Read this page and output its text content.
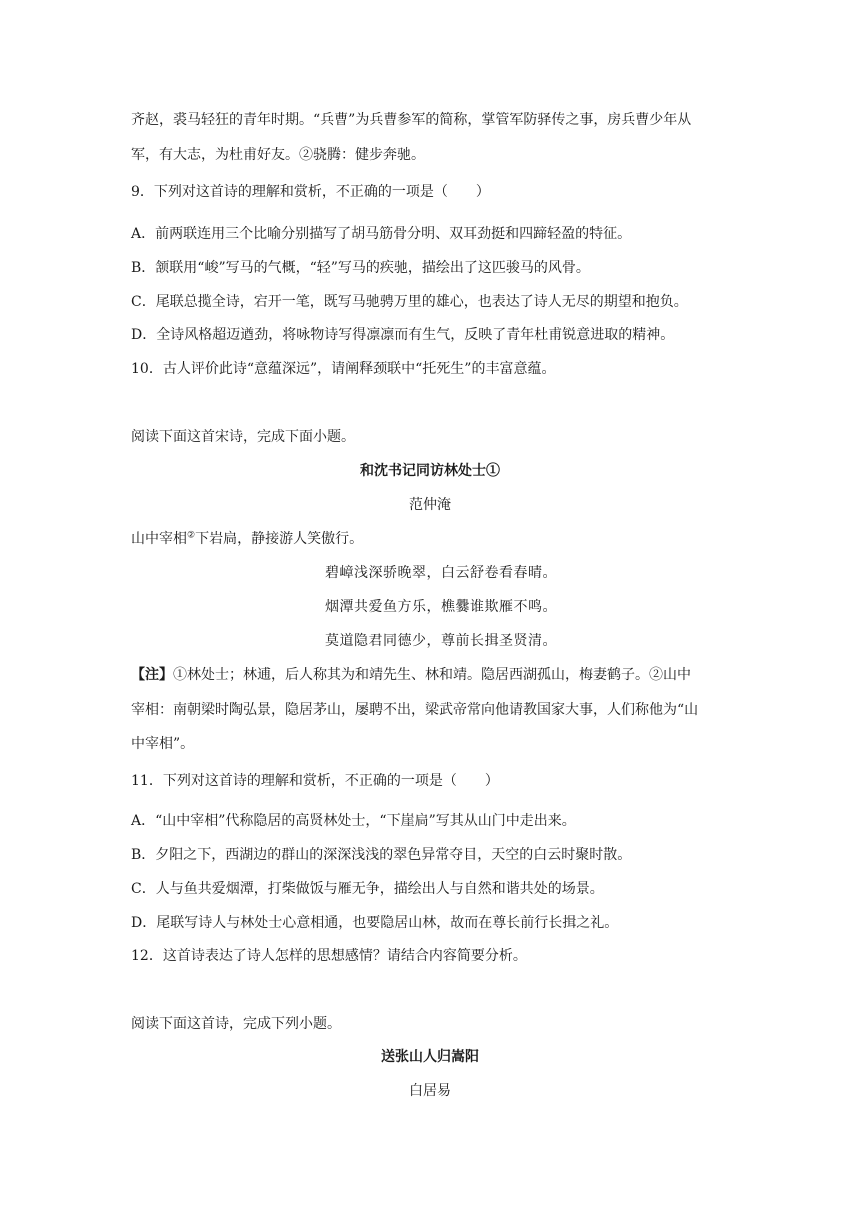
齐赵，裘马轻狂的青年时期。“兵曹”为兵曹参军的简称，掌管军防驿传之事，房兵曹少年从
军，有大志，为杜甫好友。②骁腾：健步奔驰。
9．下列对这首诗的理解和赏析，不正确的一项是（　　）
A．前两联连用三个比喻分别描写了胡马筋骨分明、双耳劲挺和四蹄轻盈的特征。
B．颔联用“峻”写马的气概，“轻”写马的疾驰，描绘出了这匹骏马的风骨。
C．尾联总揽全诗，宕开一笔，既写马驰骋万里的雄心，也表达了诗人无尽的期望和抱负。
D．全诗风格超迈遒劲，将咏物诗写得凛凛而有生气，反映了青年杜甫锐意进取的精神。
10．古人评价此诗“意蕴深远”，请阐释颈联中“托死生”的丰富意蕴。
阅读下面这首宋诗，完成下面小题。
和沈书记同访林处士①
范仲淹
山中宰相②下岩扃，静接游人笑傲行。
碧嶂浅深骄晚翠，白云舒卷看春晴。
烟潭共爱鱼方乐，樵爨谁欺雁不鸣。
莫道隐君同德少，尊前长揖圣贤清。
【注】①林处士；林逋，后人称其为和靖先生、林和靖。隐居西湖孤山，梅妻鹤子。②山中
宰相：南朝梁时陶弘景，隐居茅山，屡聘不出，梁武帝常向他请教国家大事，人们称他为“山
中宰相”。
11．下列对这首诗的理解和赏析，不正确的一项是（　　）
A．“山中宰相”代称隐居的高贤林处士，“下崖扃”写其从山门中走出来。
B．夕阳之下，西湖边的群山的深深浅浅的翠色异常夺目，天空的白云时聚时散。
C．人与鱼共爱烟潭，打柴做饭与雁无争，描绘出人与自然和谐共处的场景。
D．尾联写诗人与林处士心意相通，也要隐居山林，故而在尊长前行长揖之礼。
12．这首诗表达了诗人怎样的思想感情？请结合内容简要分析。
阅读下面这首诗，完成下列小题。
送张山人归嵩阳
白居易
